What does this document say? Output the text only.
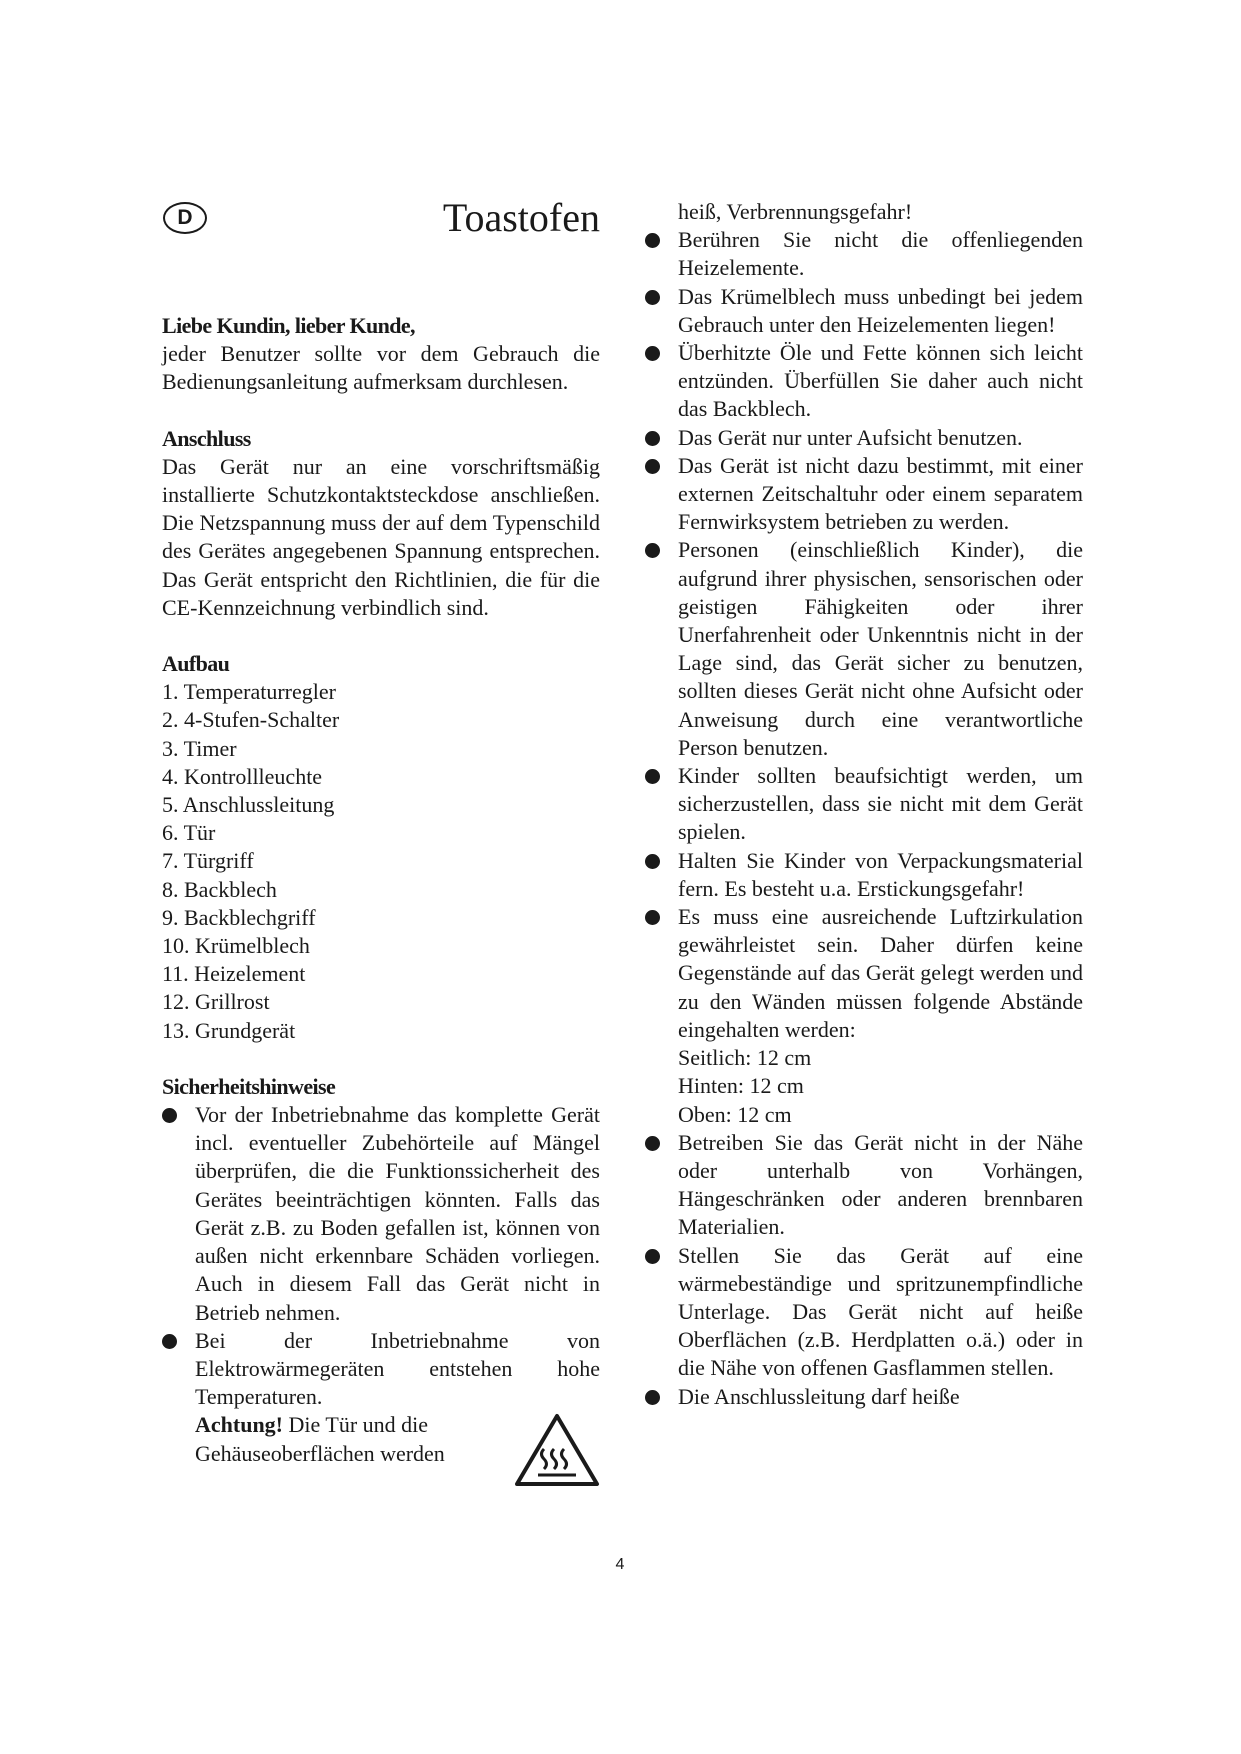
D	Toastofen
Liebe Kundin, lieber Kunde,
jeder Benutzer sollte vor dem Gebrauch die Bedienungsanleitung aufmerksam durchlesen.
Anschluss
Das Gerät nur an eine vorschriftsmäßig installierte Schutzkontaktsteckdose anschließen. Die Netzspannung muss der auf dem Typenschild des Gerätes angegebenen Spannung entsprechen. Das Gerät entspricht den Richtlinien, die für die CE-Kennzeichnung verbindlich sind.
Aufbau
1. Temperaturregler
2. 4-Stufen-Schalter
3. Timer
4. Kontrollleuchte
5. Anschlussleitung
6. Tür
7. Türgriff
8. Backblech
9. Backblechgriff
10. Krümelblech
11. Heizelement
12. Grillrost
13. Grundgerät
Sicherheitshinweise
Vor der Inbetriebnahme das komplette Gerät incl. eventueller Zubehörteile auf Mängel überprüfen, die die Funktionssicherheit des Gerätes beeinträchtigen könnten. Falls das Gerät z.B. zu Boden gefallen ist, können von außen nicht erkennbare Schäden vorliegen. Auch in diesem Fall das Gerät nicht in Betrieb nehmen.
Bei der Inbetriebnahme von Elektrowärmegeräten entstehen hohe Temperaturen.
Achtung! Die Tür und die Gehäuseoberflächen werden
heiß, Verbrennungsgefahr!
Berühren Sie nicht die offenliegenden Heizelemente.
Das Krümelblech muss unbedingt bei jedem Gebrauch unter den Heizelementen liegen!
Überhitzte Öle und Fette können sich leicht entzünden. Überfüllen Sie daher auch nicht das Backblech.
Das Gerät nur unter Aufsicht benutzen.
Das Gerät ist nicht dazu bestimmt, mit einer externen Zeitschaltuhr oder einem separatem Fernwirksystem betrieben zu werden.
Personen (einschließlich Kinder), die aufgrund ihrer physischen, sensorischen oder geistigen Fähigkeiten oder ihrer Unerfahrenheit oder Unkenntnis nicht in der Lage sind, das Gerät sicher zu benutzen, sollten dieses Gerät nicht ohne Aufsicht oder Anweisung durch eine verantwortliche Person benutzen.
Kinder sollten beaufsichtigt werden, um sicherzustellen, dass sie nicht mit dem Gerät spielen.
Halten Sie Kinder von Verpackungsmaterial fern. Es besteht u.a. Erstickungsgefahr!
Es muss eine ausreichende Luftzirkulation gewährleistet sein. Daher dürfen keine Gegenstände auf das Gerät gelegt werden und zu den Wänden müssen folgende Abstände eingehalten werden:
Seitlich: 12 cm
Hinten: 12 cm
Oben: 12 cm
Betreiben Sie das Gerät nicht in der Nähe oder unterhalb von Vorhängen, Hängeschränken oder anderen brennbaren Materialien.
Stellen Sie das Gerät auf eine wärmebeständige und spritzunempfindliche Unterlage. Das Gerät nicht auf heiße Oberflächen (z.B. Herdplatten o.ä.) oder in die Nähe von offenen Gasflammen stellen.
Die Anschlussleitung darf heiße
4
